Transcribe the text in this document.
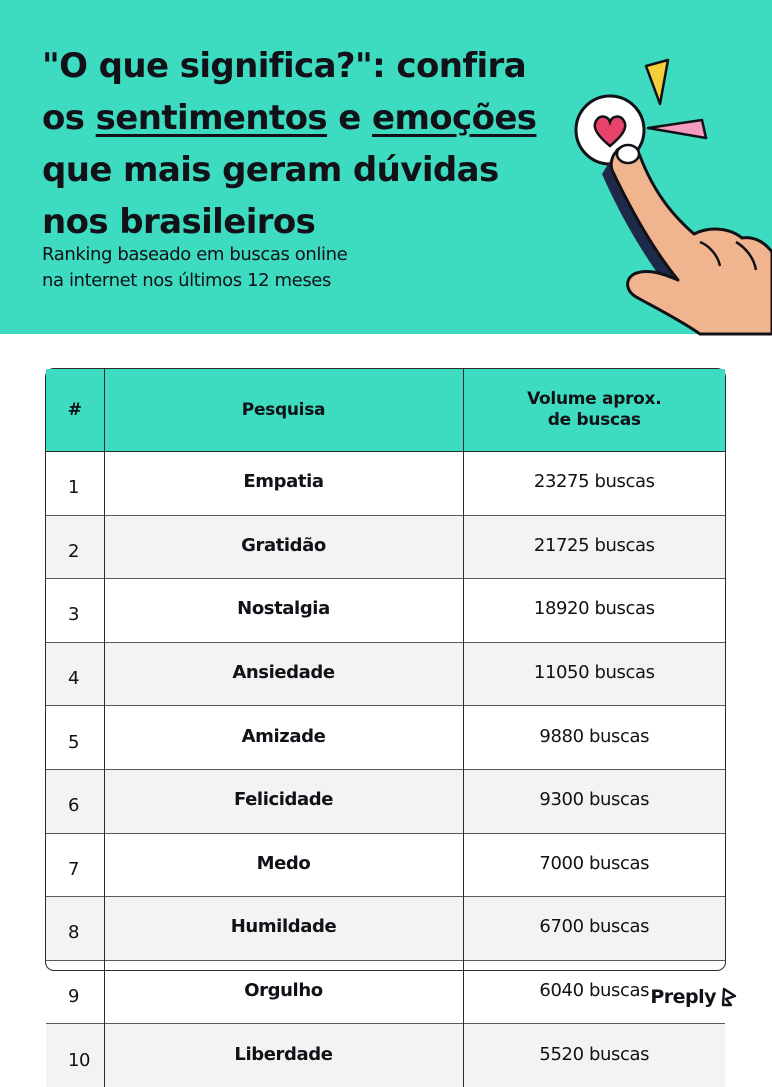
"O que significa?": confira
os sentimentos e emoções
que mais geram dúvidas
nos brasileiros

Ranking baseado em buscas online
na internet nos últimos 12 meses

#	Pesquisa	Volume aprox.
de buscas
1	Empatia	23275 buscas
2	Gratidão	21725 buscas
3	Nostalgia	18920 buscas
4	Ansiedade	11050 buscas
5	Amizade	9880 buscas
6	Felicidade	9300 buscas
7	Medo	7000 buscas
8	Humildade	6700 buscas
9	Orgulho	6040 buscas
10	Liberdade	5520 buscas
Preply
